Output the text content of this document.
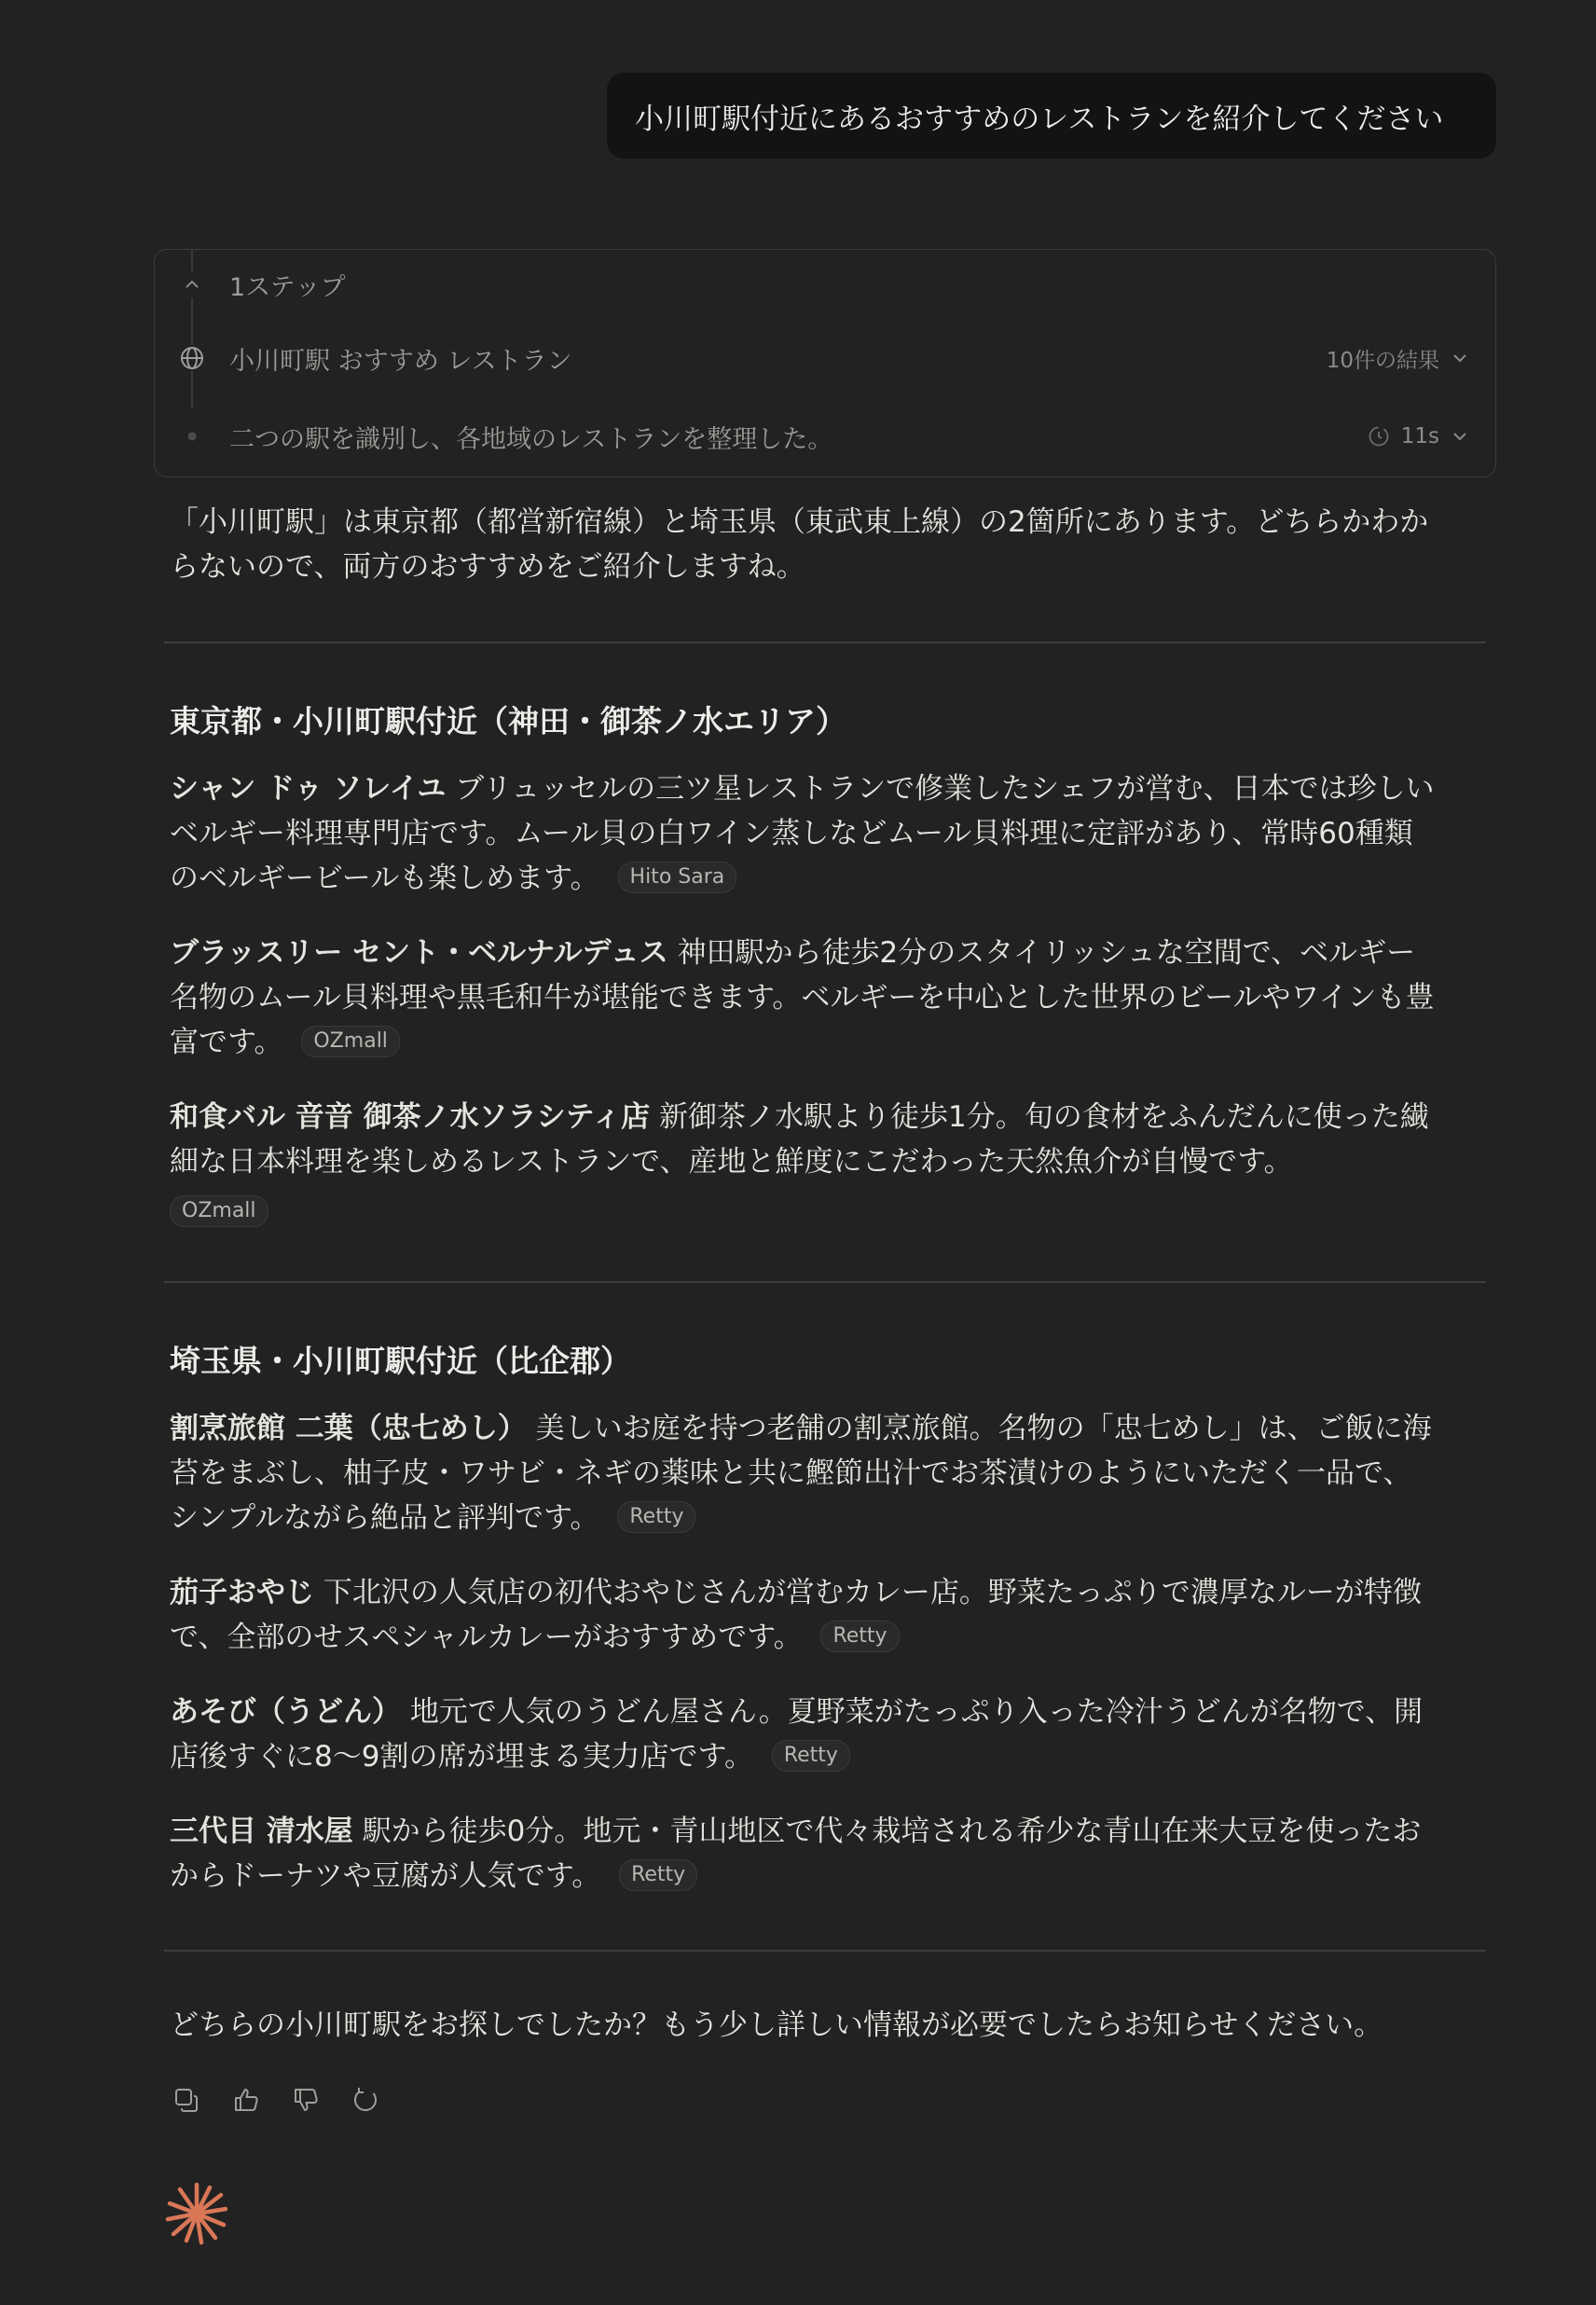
小川町駅付近にあるおすすめのレストランを紹介してください
1ステップ
小川町駅 おすすめ レストラン	10件の結果
二つの駅を識別し、各地域のレストランを整理した。	11s
「小川町駅」は東京都（都営新宿線）と埼玉県（東武東上線）の2箇所にあります。どちらかわからないので、両方のおすすめをご紹介しますね。
東京都・小川町駅付近（神田・御茶ノ水エリア）
シャン ドゥ ソレイユ ブリュッセルの三ツ星レストランで修業したシェフが営む、日本では珍しいベルギー料理専門店です。ムール貝の白ワイン蒸しなどムール貝料理に定評があり、常時60種類のベルギービールも楽しめます。 Hito Sara
ブラッスリー セント・ベルナルデュス 神田駅から徒歩2分のスタイリッシュな空間で、ベルギー名物のムール貝料理や黒毛和牛が堪能できます。ベルギーを中心とした世界のビールやワインも豊富です。 OZmall
和食バル 音音 御茶ノ水ソラシティ店 新御茶ノ水駅より徒歩1分。旬の食材をふんだんに使った繊細な日本料理を楽しめるレストランで、産地と鮮度にこだわった天然魚介が自慢です。
OZmall
埼玉県・小川町駅付近（比企郡）
割烹旅館 二葉（忠七めし） 美しいお庭を持つ老舗の割烹旅館。名物の「忠七めし」は、ご飯に海苔をまぶし、柚子皮・ワサビ・ネギの薬味と共に鰹節出汁でお茶漬けのようにいただく一品で、シンプルながら絶品と評判です。 Retty
茄子おやじ 下北沢の人気店の初代おやじさんが営むカレー店。野菜たっぷりで濃厚なルーが特徴で、全部のせスペシャルカレーがおすすめです。 Retty
あそび（うどん） 地元で人気のうどん屋さん。夏野菜がたっぷり入った冷汁うどんが名物で、開店後すぐに8〜9割の席が埋まる実力店です。 Retty
三代目 清水屋 駅から徒歩0分。地元・青山地区で代々栽培される希少な青山在来大豆を使ったおからドーナツや豆腐が人気です。 Retty
どちらの小川町駅をお探しでしたか？もう少し詳しい情報が必要でしたらお知らせください。
